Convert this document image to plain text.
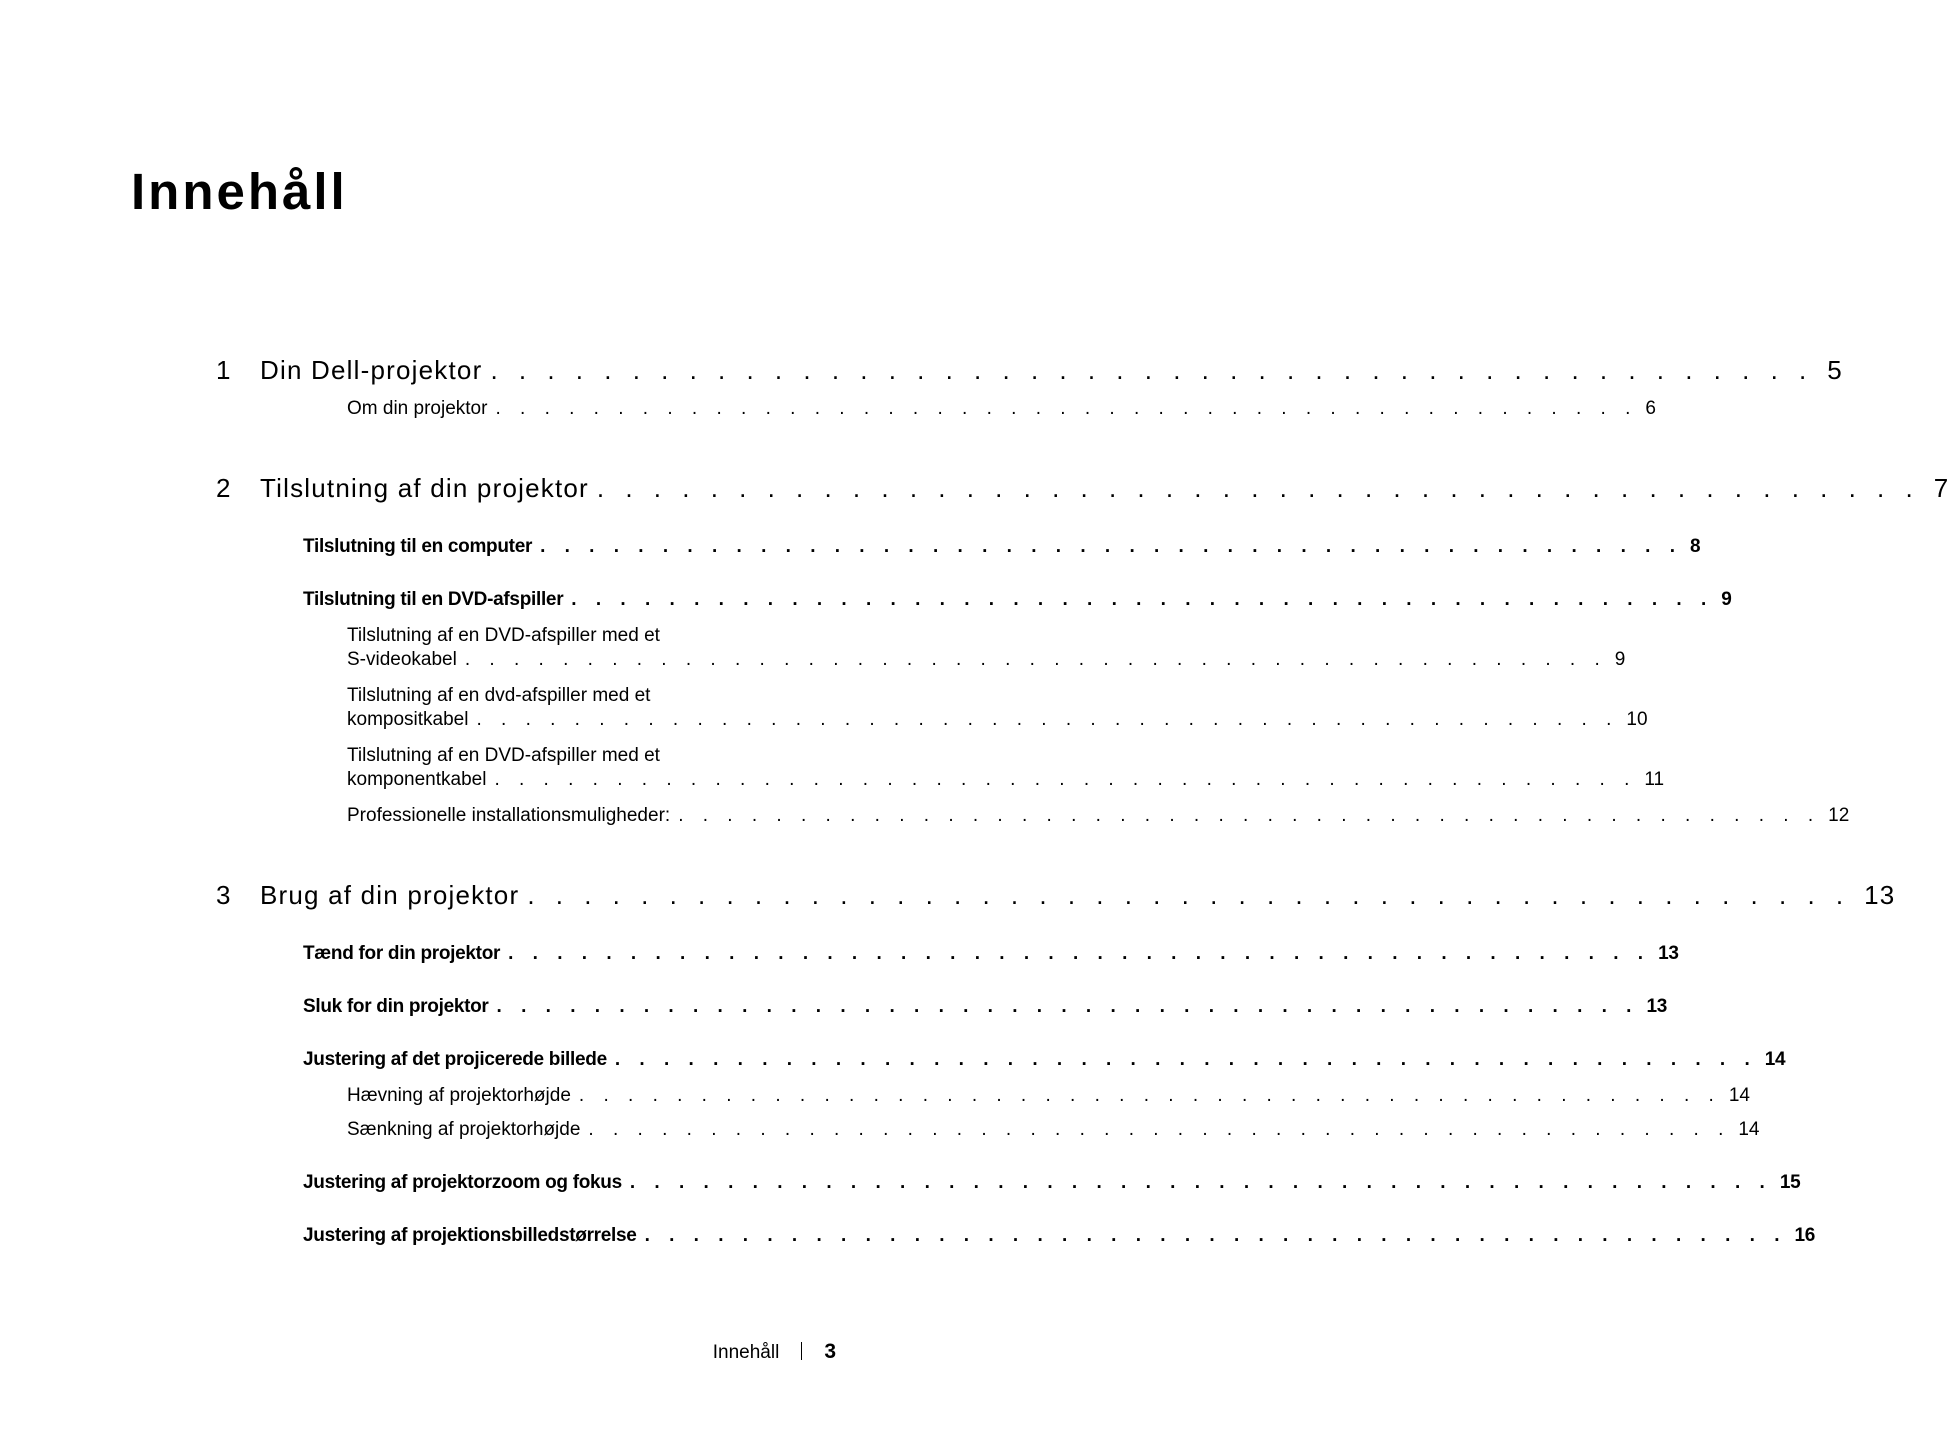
Innehåll
1 Din Dell-projektor . . . . . . . . . . . . . . . . . . . . . . . . . . . . . . . . . . . . . . . . . . . . . . . 5
Om din projektor . . . . . . . . . . . . . . . . . . . . . . . . . . . . . . . . . . . . . . . . . . . . . . . 6
2 Tilslutning af din projektor . . . . . . . . . . . . . . . . . . . . . . . . . . . . . . . . . . . . . . . . . . . . . . . 7
Tilslutning til en computer . . . . . . . . . . . . . . . . . . . . . . . . . . . . . . . . . . . . . . . . . . . . . . . 8
Tilslutning til en DVD-afspiller . . . . . . . . . . . . . . . . . . . . . . . . . . . . . . . . . . . . . . . . . . . . . . . 9
Tilslutning af en DVD-afspiller med et
S-videokabel . . . . . . . . . . . . . . . . . . . . . . . . . . . . . . . . . . . . . . . . . . . . . . . 9
Tilslutning af en dvd-afspiller med et
kompositkabel . . . . . . . . . . . . . . . . . . . . . . . . . . . . . . . . . . . . . . . . . . . . . . . 10
Tilslutning af en DVD-afspiller med et
komponentkabel . . . . . . . . . . . . . . . . . . . . . . . . . . . . . . . . . . . . . . . . . . . . . . . 11
Professionelle installationsmuligheder: . . . . . . . . . . . . . . . . . . . . . . . . . . . . . . . . . . . . . . . . . . . . . . . 12
3 Brug af din projektor . . . . . . . . . . . . . . . . . . . . . . . . . . . . . . . . . . . . . . . . . . . . . . . 13
Tænd for din projektor . . . . . . . . . . . . . . . . . . . . . . . . . . . . . . . . . . . . . . . . . . . . . . . 13
Sluk for din projektor . . . . . . . . . . . . . . . . . . . . . . . . . . . . . . . . . . . . . . . . . . . . . . . 13
Justering af det projicerede billede . . . . . . . . . . . . . . . . . . . . . . . . . . . . . . . . . . . . . . . . . . . . . . . 14
Hævning af projektorhøjde . . . . . . . . . . . . . . . . . . . . . . . . . . . . . . . . . . . . . . . . . . . . . . . 14
Sænkning af projektorhøjde . . . . . . . . . . . . . . . . . . . . . . . . . . . . . . . . . . . . . . . . . . . . . . . 14
Justering af projektorzoom og fokus . . . . . . . . . . . . . . . . . . . . . . . . . . . . . . . . . . . . . . . . . . . . . . . 15
Justering af projektionsbilledstørrelse . . . . . . . . . . . . . . . . . . . . . . . . . . . . . . . . . . . . . . . . . . . . . . . 16
Innehåll 3
